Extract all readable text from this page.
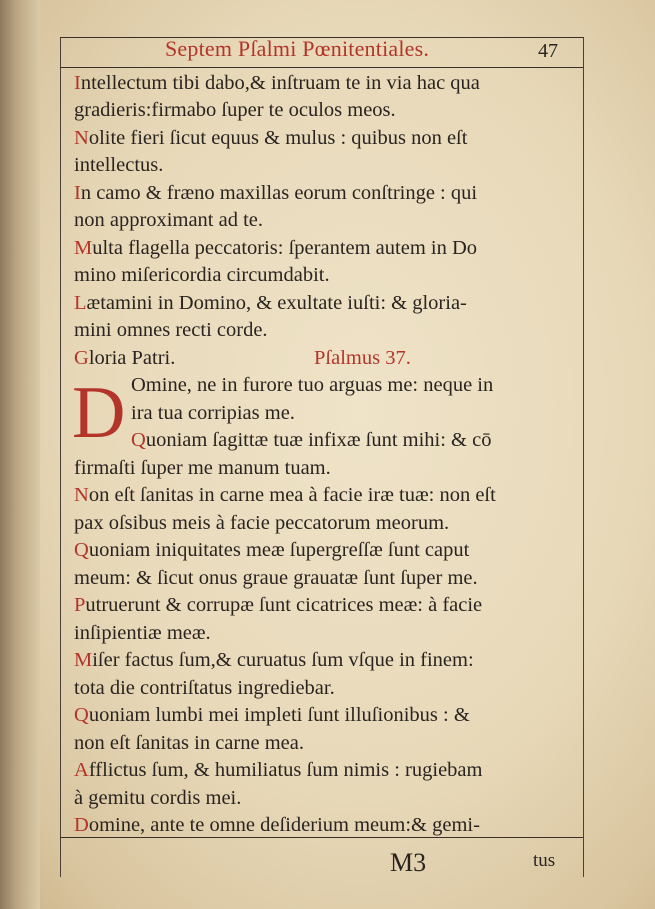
Septem Pſalmi Pœnitentiales.	47
Intellectum tibi dabo,& inſtruam te in via hac qua
gradieris:firmabo ſuper te oculos meos.
Nolite fieri ſicut equus & mulus : quibus non eſt
intellectus.
In camo & fræno maxillas eorum conſtringe : qui
non approximant ad te.
Multa flagella peccatoris: ſperantem autem in Do
mino miſericordia circumdabit.
Lætamini in Domino, & exultate iuſti: & gloria-
mini omnes recti corde.
Gloria Patri.	Pſalmus 37.
Omine, ne in furore tuo arguas me: neque in
ira tua corripias me.
Quoniam ſagittæ tuæ infixæ ſunt mihi: & cō
firmaſti ſuper me manum tuam.
Non eſt ſanitas in carne mea à facie iræ tuæ: non eſt
pax oſsibus meis à facie peccatorum meorum.
Quoniam iniquitates meæ ſupergreſſæ ſunt caput
meum: & ſicut onus graue grauatæ ſunt ſuper me.
Putruerunt & corrupæ ſunt cicatrices meæ: à facie
inſipientiæ meæ.
Miſer factus ſum,& curuatus ſum vſque in finem:
tota die contriſtatus ingrediebar.
Quoniam lumbi mei impleti ſunt illuſionibus : &
non eſt ſanitas in carne mea.
Afflictus ſum, & humiliatus ſum nimis : rugiebam
à gemitu cordis mei.
Domine, ante te omne deſiderium meum:& gemi-
D
M3	tus
